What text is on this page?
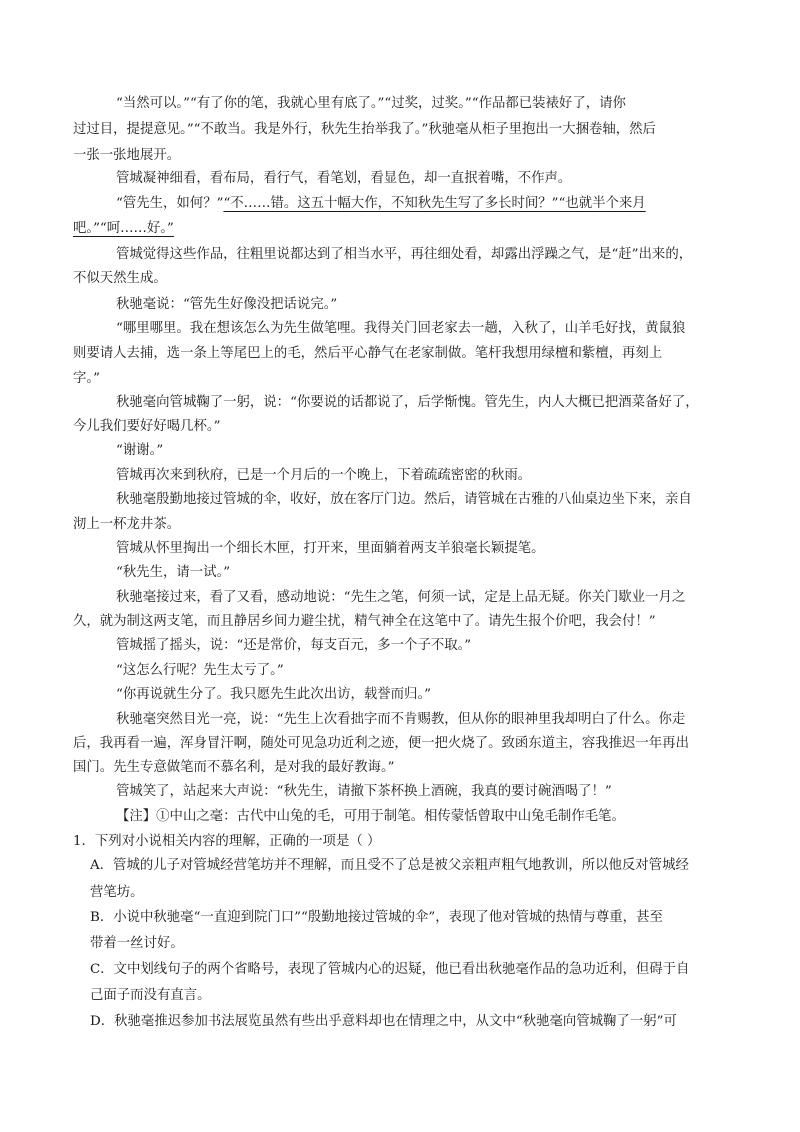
“当然可以。”“有了你的笔，我就心里有底了。”“过奖，过奖。”“作品都已装裱好了，请你
过过目，提提意见。”“不敢当。我是外行，秋先生抬举我了。”秋驰毫从柜子里抱出一大捆卷轴，然后
一张一张地展开。
管城凝神细看，看布局，看行气，看笔划，看显色，却一直抿着嘴，不作声。
“管先生，如何？”“不……错。这五十幅大作，不知秋先生写了多长时间？”“也就半个来月
吧。”“呵……好。”
管城觉得这些作品，往粗里说都达到了相当水平，再往细处看，却露出浮躁之气，是“赶”出来的，
不似天然生成。
秋驰毫说：“管先生好像没把话说完。”
“哪里哪里。我在想该怎么为先生做笔哩。我得关门回老家去一趟，入秋了，山羊毛好找，黄鼠狼
则要请人去捕，选一条上等尾巴上的毛，然后平心静气在老家制做。笔杆我想用绿檀和紫檀，再刻上
字。”
秋驰毫向管城鞠了一躬，说：“你要说的话都说了，后学惭愧。管先生，内人大概已把酒菜备好了，
今儿我们要好好喝几杯。”
“谢谢。”
管城再次来到秋府，已是一个月后的一个晚上，下着疏疏密密的秋雨。
秋驰毫殷勤地接过管城的伞，收好，放在客厅门边。然后，请管城在古雅的八仙桌边坐下来，亲自
沏上一杯龙井茶。
管城从怀里掏出一个细长木匣，打开来，里面躺着两支羊狼毫长颖提笔。
“秋先生，请一试。”
秋驰毫接过来，看了又看，感动地说：“先生之笔，何须一试，定是上品无疑。你关门歇业一月之
久，就为制这两支笔，而且静居乡间力避尘扰，精气神全在这笔中了。请先生报个价吧，我会付！”
管城摇了摇头，说：“还是常价，每支百元，多一个子不取。”
“这怎么行呢？先生太亏了。”
“你再说就生分了。我只愿先生此次出访，载誉而归。”
秋驰毫突然目光一亮，说：“先生上次看拙字而不肯赐教，但从你的眼神里我却明白了什么。你走
后，我再看一遍，浑身冒汗啊，随处可见急功近利之迹，便一把火烧了。致函东道主，容我推迟一年再出
国门。先生专意做笔而不慕名利，是对我的最好教诲。”
管城笑了，站起来大声说：“秋先生，请撤下茶杯换上酒碗，我真的要讨碗酒喝了！”
【注】①中山之毫：古代中山兔的毛，可用于制笔。相传蒙恬曾取中山兔毛制作毛笔。
1．下列对小说相关内容的理解，正确的一项是（ ）
A．管城的儿子对管城经营笔坊并不理解，而且受不了总是被父亲粗声粗气地教训，所以他反对管城经
营笔坊。
B．小说中秋驰毫“一直迎到院门口”“殷勤地接过管城的伞”，表现了他对管城的热情与尊重，甚至
带着一丝讨好。
C．文中划线句子的两个省略号，表现了管城内心的迟疑，他已看出秋驰毫作品的急功近利，但碍于自
己面子而没有直言。
D．秋驰毫推迟参加书法展览虽然有些出乎意料却也在情理之中，从文中“秋驰毫向管城鞠了一躬”可
